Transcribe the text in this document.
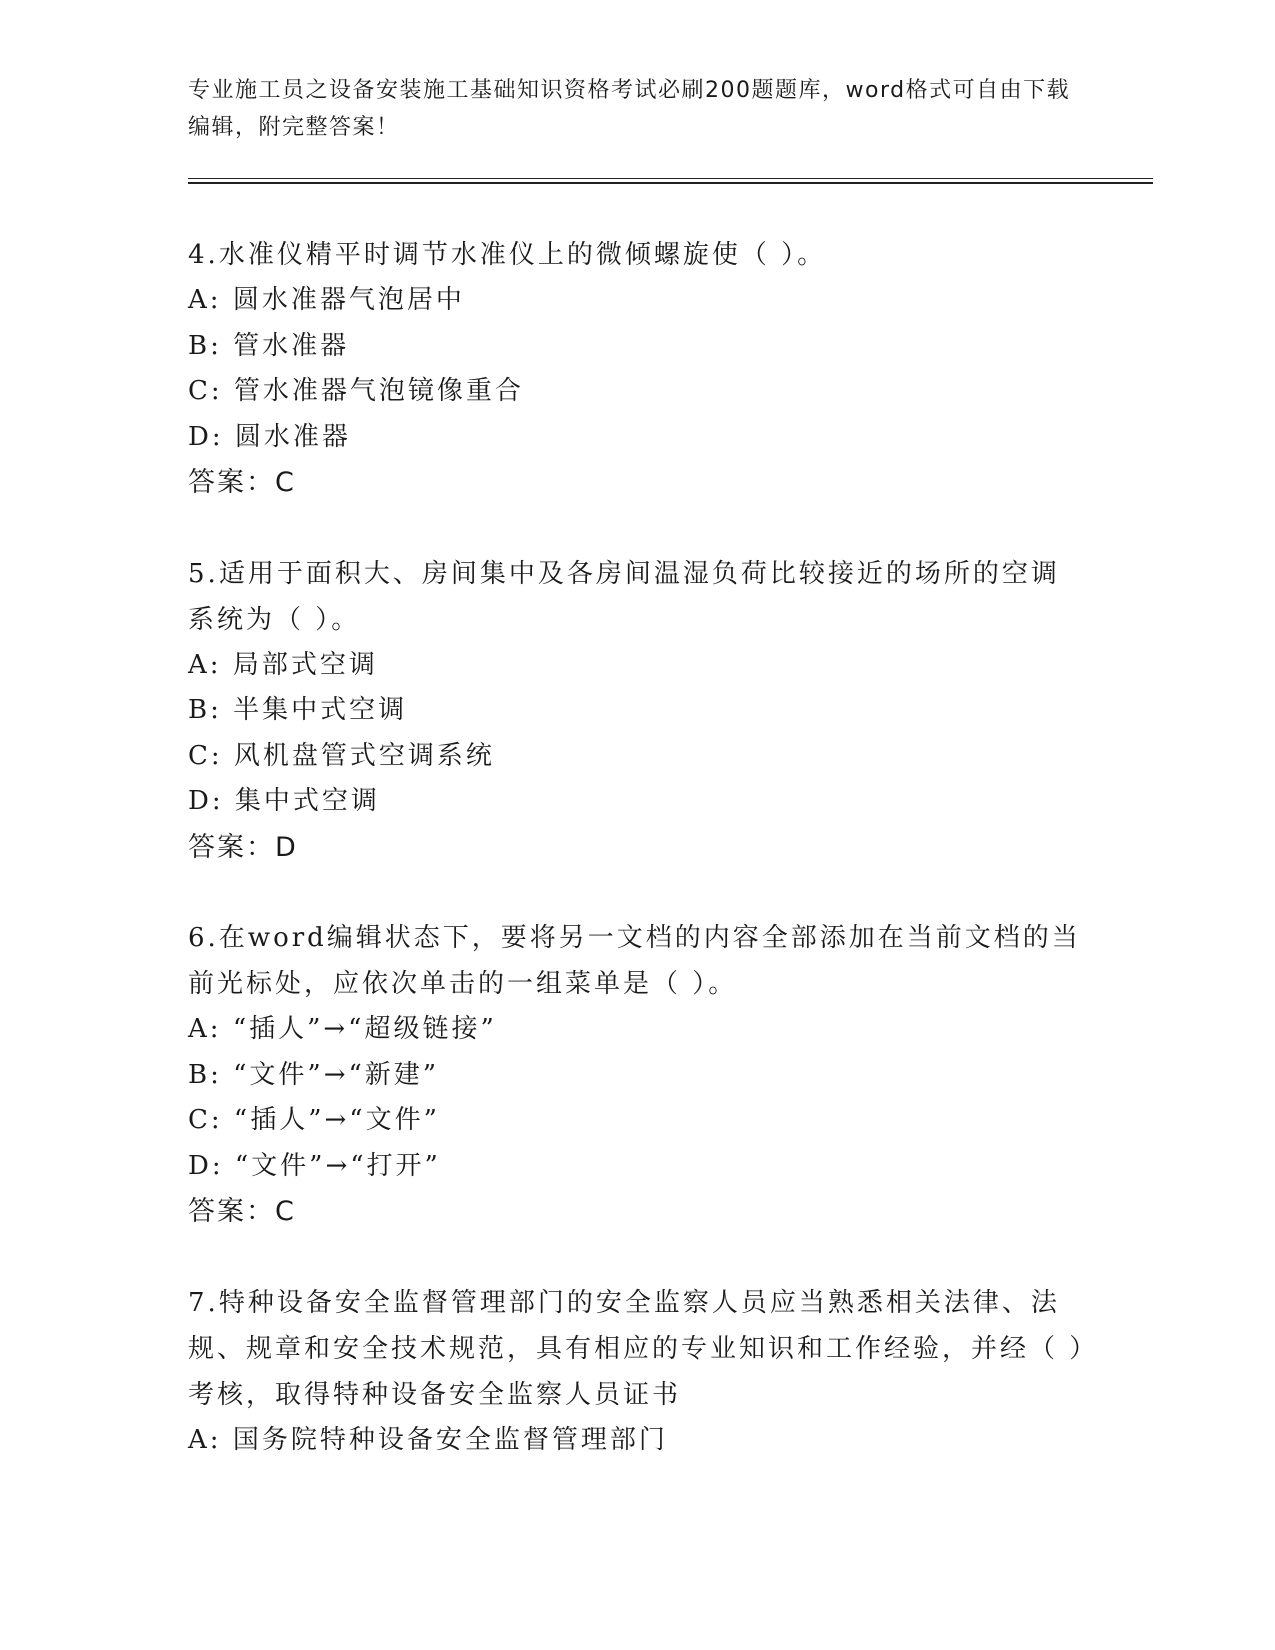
专业施工员之设备安装施工基础知识资格考试必刷200题题库，word格式可自由下载编辑，附完整答案！
4.水准仪精平时调节水准仪上的微倾螺旋使（ ）。
A: 圆水准器气泡居中
B: 管水准器
C: 管水准器气泡镜像重合
D: 圆水准器
答案：C
5.适用于面积大、房间集中及各房间温湿负荷比较接近的场所的空调系统为（ ）。
A: 局部式空调
B: 半集中式空调
C: 风机盘管式空调系统
D: 集中式空调
答案：D
6.在word编辑状态下，要将另一文档的内容全部添加在当前文档的当前光标处，应依次单击的一组菜单是（ ）。
A: “插人”→“超级链接”
B: “文件”→“新建”
C: “插人”→“文件”
D: “文件”→“打开”
答案：C
7.特种设备安全监督管理部门的安全监察人员应当熟悉相关法律、法规、规章和安全技术规范，具有相应的专业知识和工作经验，并经（ ）考核，取得特种设备安全监察人员证书
A: 国务院特种设备安全监督管理部门
